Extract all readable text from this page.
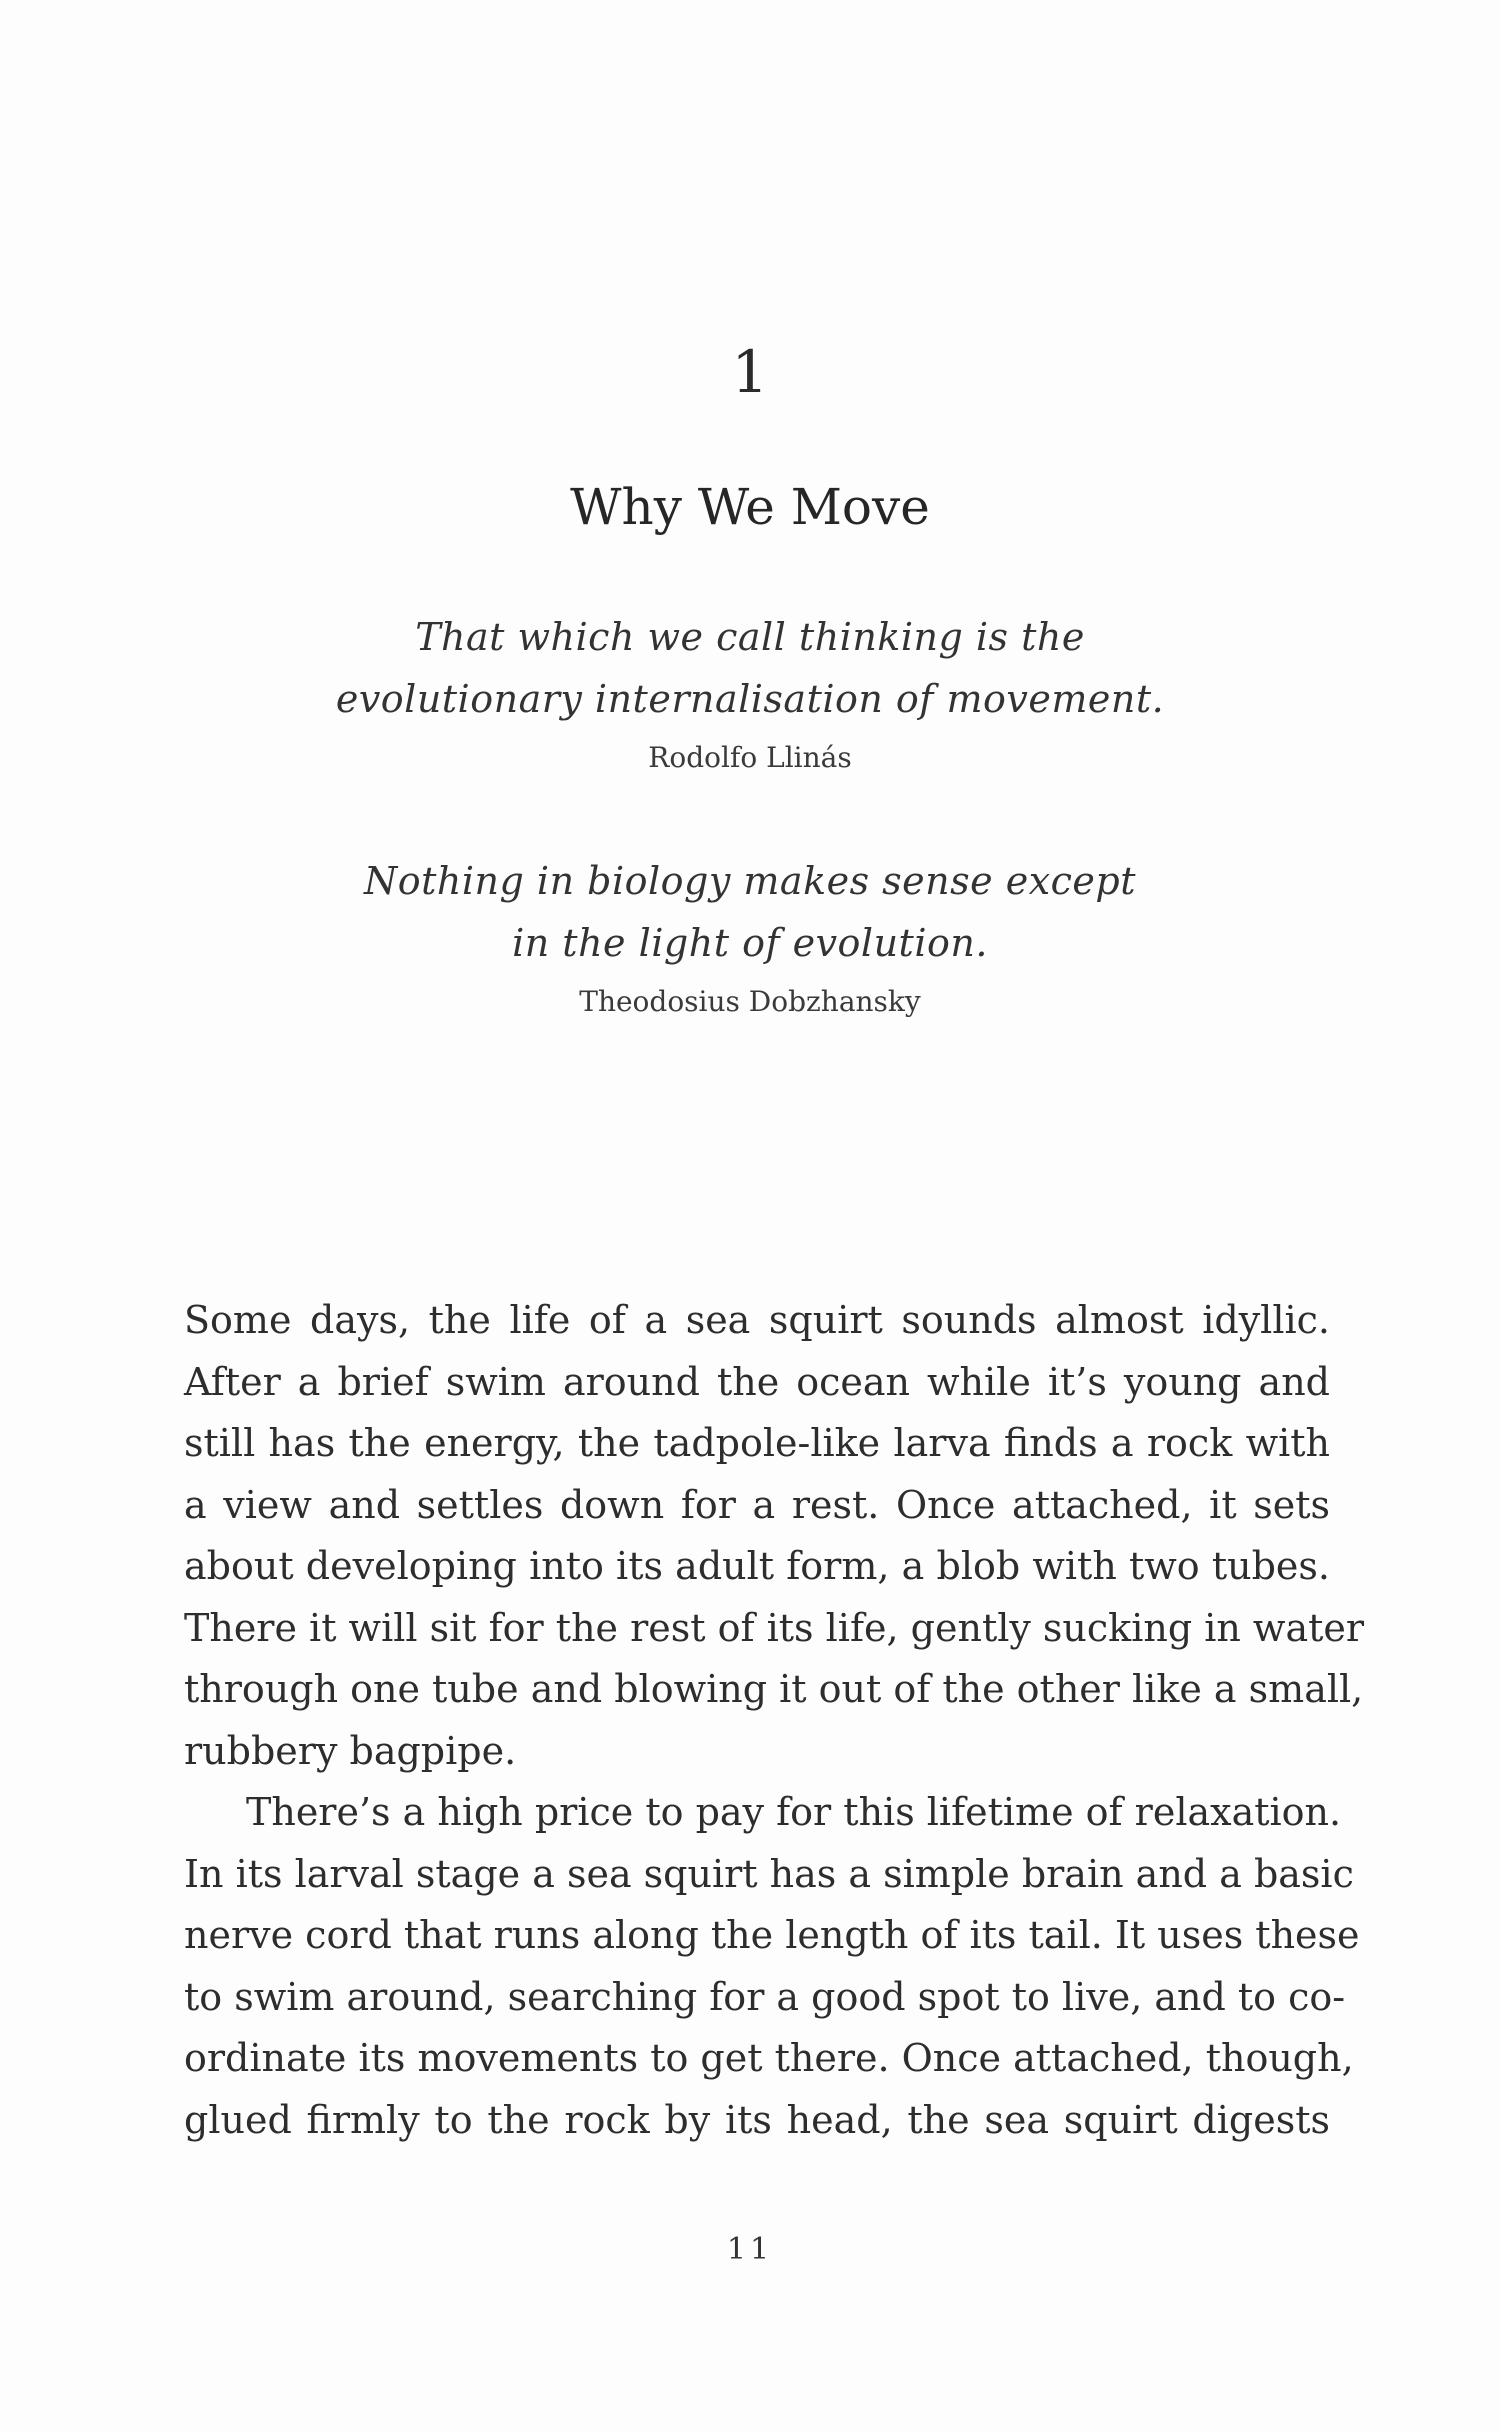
1
Why We Move
That which we call thinking is the
evolutionary internalisation of movement.
Rodolfo Llinás
Nothing in biology makes sense except
in the light of evolution.
Theodosius Dobzhansky
Some days, the life of a sea squirt sounds almost idyllic.
After a brief swim around the ocean while it’s young and
still has the energy, the tadpole-like larva finds a rock with
a view and settles down for a rest. Once attached, it sets
about developing into its adult form, a blob with two tubes.
There it will sit for the rest of its life, gently sucking in water
through one tube and blowing it out of the other like a small,
rubbery bagpipe.
There’s a high price to pay for this lifetime of relaxation.
In its larval stage a sea squirt has a simple brain and a basic
nerve cord that runs along the length of its tail. It uses these
to swim around, searching for a good spot to live, and to co-
ordinate its movements to get there. Once attached, though,
glued firmly to the rock by its head, the sea squirt digests
11
